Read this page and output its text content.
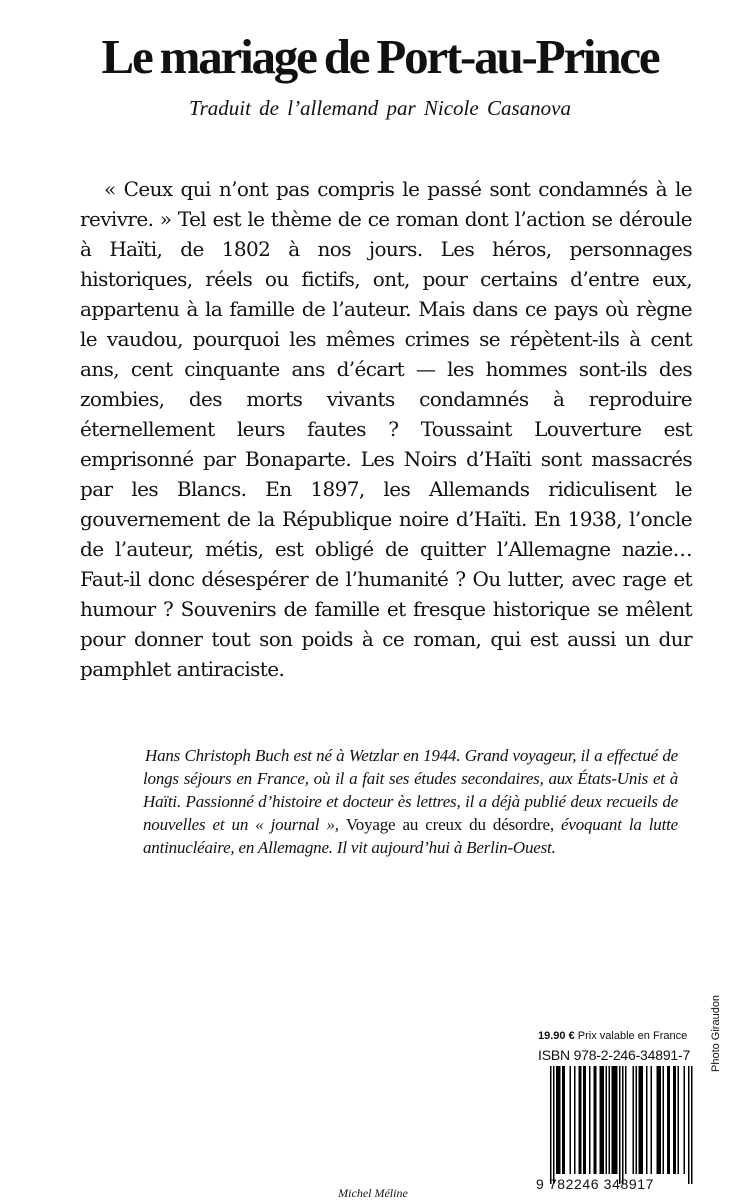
Le mariage de Port-au-Prince

Traduit de l’allemand par Nicole Casanova

« Ceux qui n’ont pas compris le passé sont condamnés à le revivre. » Tel est le thème de ce roman dont l’action se déroule à Haïti, de 1802 à nos jours. Les héros, personnages historiques, réels ou fictifs, ont, pour certains d’entre eux, appartenu à la famille de l’auteur. Mais dans ce pays où règne le vaudou, pourquoi les mêmes crimes se répètent-ils à cent ans, cent cinquante ans d’écart — les hommes sont-ils des zombies, des morts vivants condamnés à reproduire éternellement leurs fautes ? Toussaint Louverture est emprisonné par Bonaparte. Les Noirs d’Haïti sont massacrés par les Blancs. En 1897, les Allemands ridiculisent le gouvernement de la République noire d’Haïti. En 1938, l’oncle de l’auteur, métis, est obligé de quitter l’Allemagne nazie… Faut-il donc désespérer de l’humanité ? Ou lutter, avec rage et humour ? Souvenirs de famille et fresque historique se mêlent pour donner tout son poids à ce roman, qui est aussi un dur pamphlet antiraciste.

Hans Christoph Buch est né à Wetzlar en 1944. Grand voyageur, il a effectué de longs séjours en France, où il a fait ses études secondaires, aux États-Unis et à Haïti. Passionné d’histoire et docteur ès lettres, il a déjà publié deux recueils de nouvelles et un « journal », Voyage au creux du désordre, évoquant la lutte antinucléaire, en Allemagne. Il vit aujourd’hui à Berlin-Ouest.

19.90 € Prix valable en France
ISBN 978-2-246-34891-7
9 782246 348917
Photo Giraudon
Michel Méline
